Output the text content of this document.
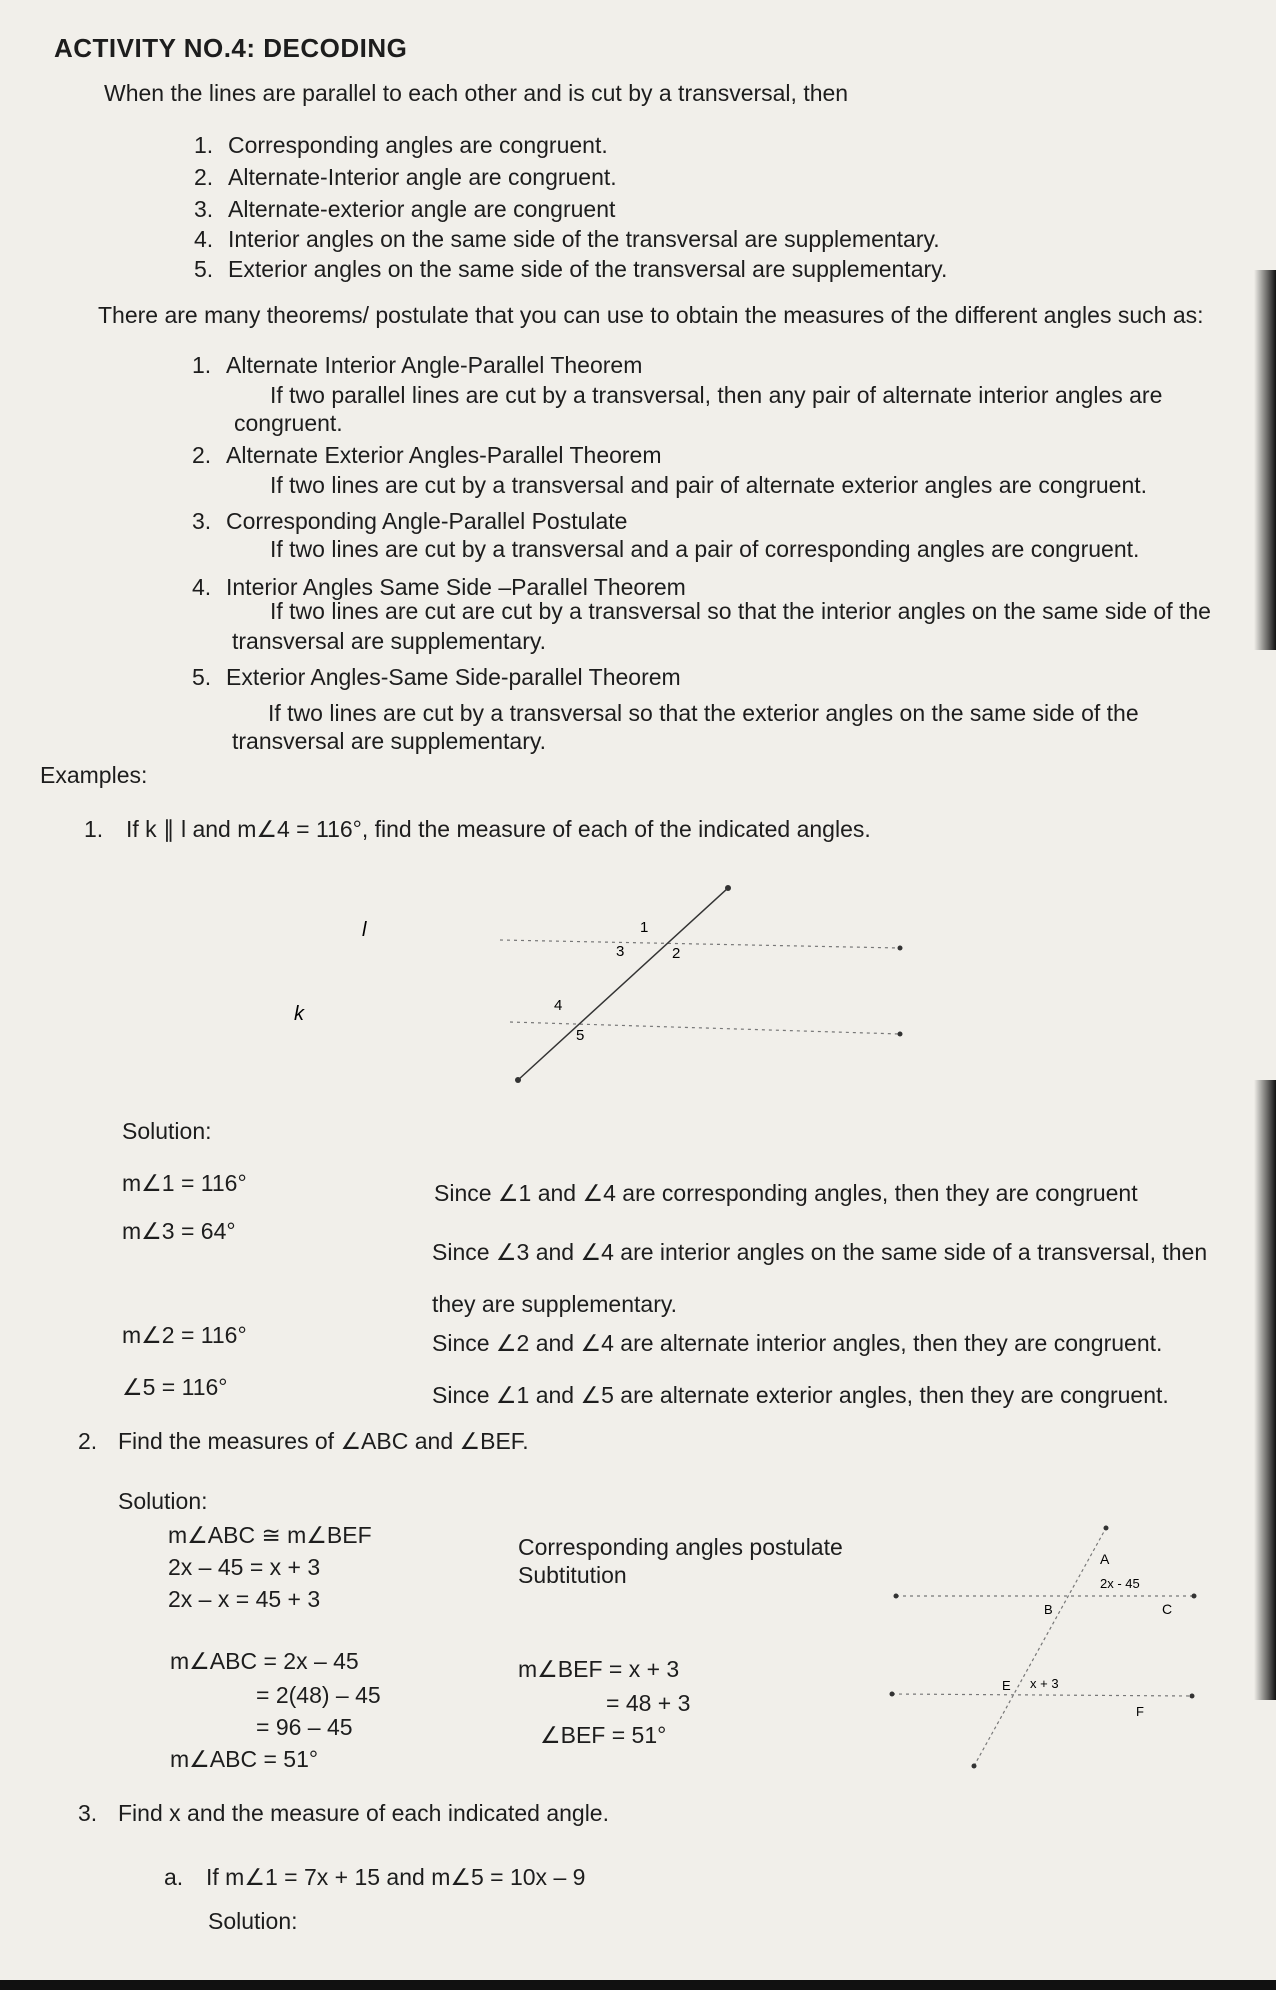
ACTIVITY NO.4: DECODING
When the lines are parallel to each other and is cut by a transversal, then
1. Corresponding angles are congruent.
2. Alternate-Interior angle are congruent.
3. Alternate-exterior angle are congruent
4. Interior angles on the same side of the transversal are supplementary.
5. Exterior angles on the same side of the transversal are supplementary.
There are many theorems/ postulate that you can use to obtain the measures of the different angles such as:
1. Alternate Interior Angle-Parallel Theorem
If two parallel lines are cut by a transversal, then any pair of alternate interior angles are
congruent.
2. Alternate Exterior Angles-Parallel Theorem
If two lines are cut by a transversal and pair of alternate exterior angles are congruent.
3. Corresponding Angle-Parallel Postulate
If two lines are cut by a transversal and a pair of corresponding angles are congruent.
4. Interior Angles Same Side –Parallel Theorem
If two lines are cut are cut by a transversal so that the interior angles on the same side of the
transversal are supplementary.
5. Exterior Angles-Same Side-parallel Theorem
If two lines are cut by a transversal so that the exterior angles on the same side of the
transversal are supplementary.
Examples:
1. If k ∥ l and m∠4 = 116°, find the measure of each of the indicated angles.
l
k
1
2
3
4
5
Solution:
m∠1 = 116°	Since ∠1 and ∠4 are corresponding angles, then they are congruent
m∠3 = 64°
Since ∠3 and ∠4 are interior angles on the same side of a transversal, then they are supplementary.
m∠2 = 116°	Since ∠2 and ∠4 are alternate interior angles, then they are congruent.
∠5 = 116°	Since ∠1 and ∠5 are alternate exterior angles, then they are congruent.
2. Find the measures of ∠ABC and ∠BEF.
Solution:
m∠ABC ≅ m∠BEF
2x – 45 = x + 3
2x – x = 45 + 3
Corresponding angles postulate
Subtitution
m∠ABC = 2x – 45
= 2(48) – 45
= 96 – 45
m∠ABC = 51°
m∠BEF = x + 3
= 48 + 3
∠BEF = 51°
A
2x - 45
B	C
E x + 3
F
3. Find x and the measure of each indicated angle.
a. If m∠1 = 7x + 15 and m∠5 = 10x – 9
Solution:
